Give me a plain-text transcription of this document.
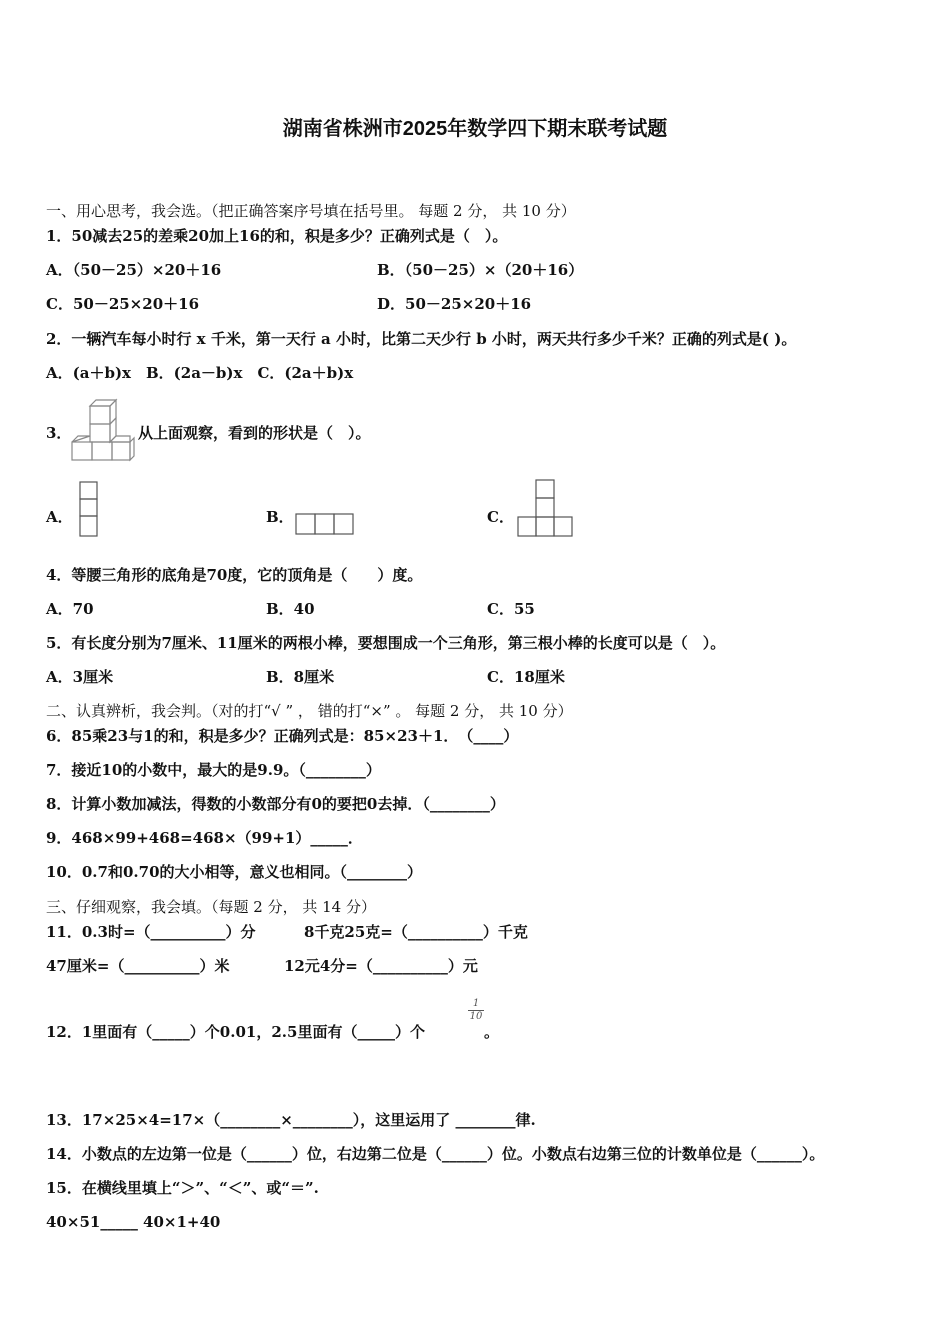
湖南省株洲市2025年数学四下期末联考试题
一、用心思考，我会选。（把正确答案序号填在括号里。 每题 2 分， 共 10 分）
1．50减去25的差乘20加上16的和，积是多少？正确列式是（　）。
A．（50－25）×20＋16	B．（50－25）×（20＋16）
C．50－25×20＋16	D．50－25×20＋16
2．一辆汽车每小时行 x 千米，第一天行 a 小时，比第二天少行 b 小时，两天共行多少千米？正确的列式是( )。
A．(a＋b)x　B．(2a－b)x　C．(2a＋b)x
3．	从上面观察，看到的形状是（　）。
A．	B．	C．
4．等腰三角形的底角是70度，它的顶角是（　　）度。
A．70	B．40	C．55
5．有长度分别为7厘米、11厘米的两根小棒，要想围成一个三角形，第三根小棒的长度可以是（　）。
A．3厘米	B．8厘米	C．18厘米
二、认真辨析，我会判。（对的打“√ ” ， 错的打“×” 。 每题 2 分， 共 10 分）
6．85乘23与1的和，积是多少？正确列式是：85×23＋1．　（____）
7．接近10的小数中，最大的是9.9。（________）
8．计算小数加减法，得数的小数部分有0的要把0去掉．（________）
9．468×99+468=468×（99+1）_____．
10．0.7和0.70的大小相等，意义也相同。（________）
三、仔细观察，我会填。（每题 2 分， 共 14 分）
11．0.3时=（__________）分	8千克25克=（__________）千克
47厘米=（__________）米	12元4分=（__________）元
12．1里面有（_____）个0.01，2.5里面有（_____）个
1
10
。
13．17×25×4=17×（________×________），这里运用了 ________律.
14．小数点的左边第一位是（______）位，右边第二位是（______）位。小数点右边第三位的计数单位是（______）。
15．在横线里填上“＞”、“＜”、或“＝”.
40×51_____ 40×1+40
